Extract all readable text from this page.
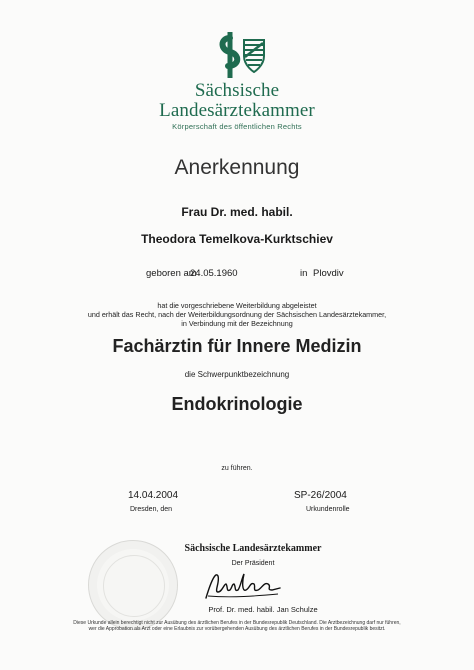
Sächsische
Landesärztekammer
Körperschaft des öffentlichen Rechts
Anerkennung
Frau Dr. med. habil.
Theodora Temelkova-Kurktschiev
geboren am
24.05.1960	in Plovdiv
hat die vorgeschriebene Weiterbildung abgeleistet
und erhält das Recht, nach der Weiterbildungsordnung der Sächsischen Landesärztekammer,
in Verbindung mit der Bezeichnung
Fachärztin für Innere Medizin
die Schwerpunktbezeichnung
Endokrinologie
zu führen.
14.04.2004
Dresden, den
SP-26/2004
Urkundenrolle
Sächsische Landesärztekammer
Der Präsident
Prof. Dr. med. habil. Jan Schulze
Diese Urkunde allein berechtigt nicht zur Ausübung des ärztlichen Berufes in der Bundesrepublik Deutschland. Die Arztbezeichnung darf nur führen,
wer die Approbation als Arzt oder eine Erlaubnis zur vorübergehenden Ausübung des ärztlichen Berufes in der Bundesrepublik besitzt.
